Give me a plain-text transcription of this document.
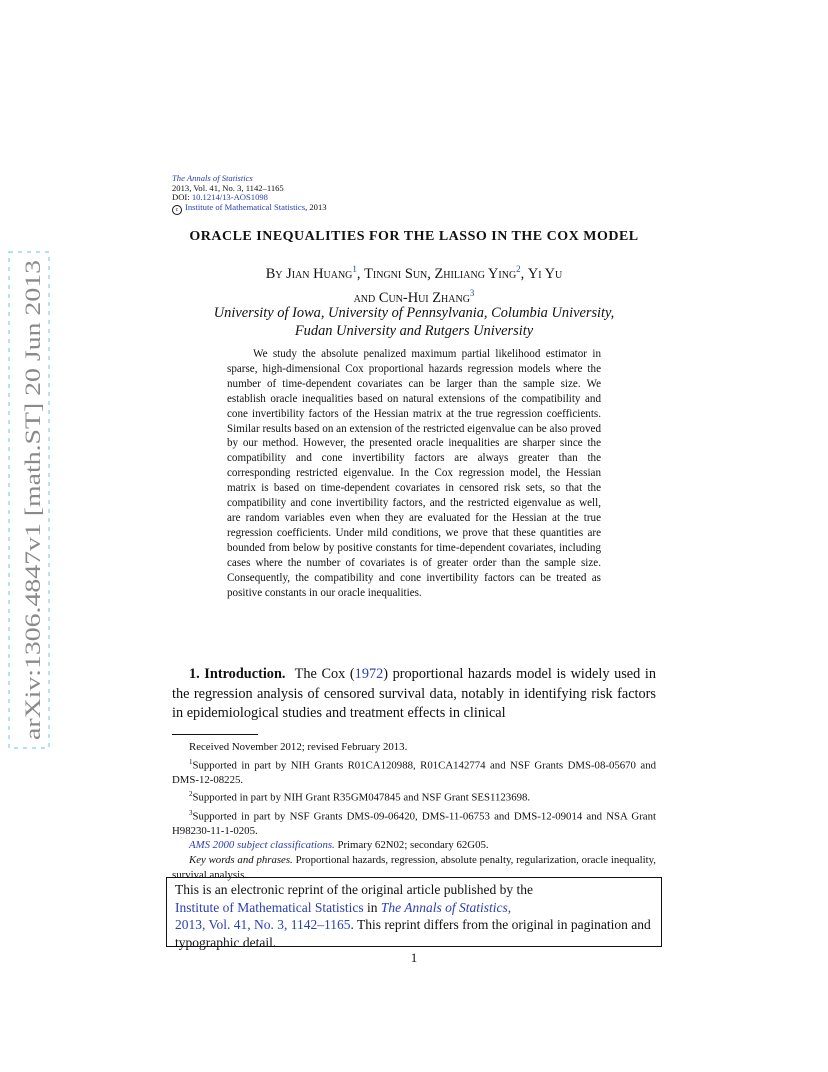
arXiv:1306.4847v1 [math.ST] 20 Jun 2013
The Annals of Statistics
2013, Vol. 41, No. 3, 1142–1165
DOI: 10.1214/13-AOS1098
c Institute of Mathematical Statistics, 2013
ORACLE INEQUALITIES FOR THE LASSO IN THE COX MODEL
By Jian Huang$^1$, Tingni Sun, Zhiliang Ying$^2$, Yi Yu
and Cun-Hui Zhang$^3$
University of Iowa, University of Pennsylvania, Columbia University,
Fudan University and Rutgers University

We study the absolute penalized maximum partial likelihood estimator in sparse, high-dimensional Cox proportional hazards regression models where the number of time-dependent covariates can be larger than the sample size. We establish oracle inequalities based on natural extensions of the compatibility and cone invertibility factors of the Hessian matrix at the true regression coefficients. Similar results based on an extension of the restricted eigenvalue can be also proved by our method. However, the presented oracle inequalities are sharper since the compatibility and cone invertibility factors are always greater than the corresponding restricted eigenvalue. In the Cox regression model, the Hessian matrix is based on time-dependent covariates in censored risk sets, so that the compatibility and cone invertibility factors, and the restricted eigenvalue as well, are random variables even when they are evaluated for the Hessian at the true regression coefficients. Under mild conditions, we prove that these quantities are bounded from below by positive constants for time-dependent covariates, including cases where the number of covariates is of greater order than the sample size. Consequently, the compatibility and cone invertibility factors can be treated as positive constants in our oracle inequalities.

1. Introduction. The Cox (1972) proportional hazards model is widely used in the regression analysis of censored survival data, notably in identifying risk factors in epidemiological studies and treatment effects in clinical

Received November 2012; revised February 2013.

$^1$Supported in part by NIH Grants R01CA120988, R01CA142774 and NSF Grants DMS-08-05670 and DMS-12-08225.

$^2$Supported in part by NIH Grant R35GM047845 and NSF Grant SES1123698.

$^3$Supported in part by NSF Grants DMS-09-06420, DMS-11-06753 and DMS-12-09014 and NSA Grant H98230-11-1-0205.

AMS 2000 subject classifications. Primary 62N02; secondary 62G05.

Key words and phrases. Proportional hazards, regression, absolute penalty, regularization, oracle inequality, survival analysis.

This is an electronic reprint of the original article published by the
Institute of Mathematical Statistics in The Annals of Statistics,
2013, Vol. 41, No. 3, 1142–1165. This reprint differs from the original in pagination and typographic detail.
1
